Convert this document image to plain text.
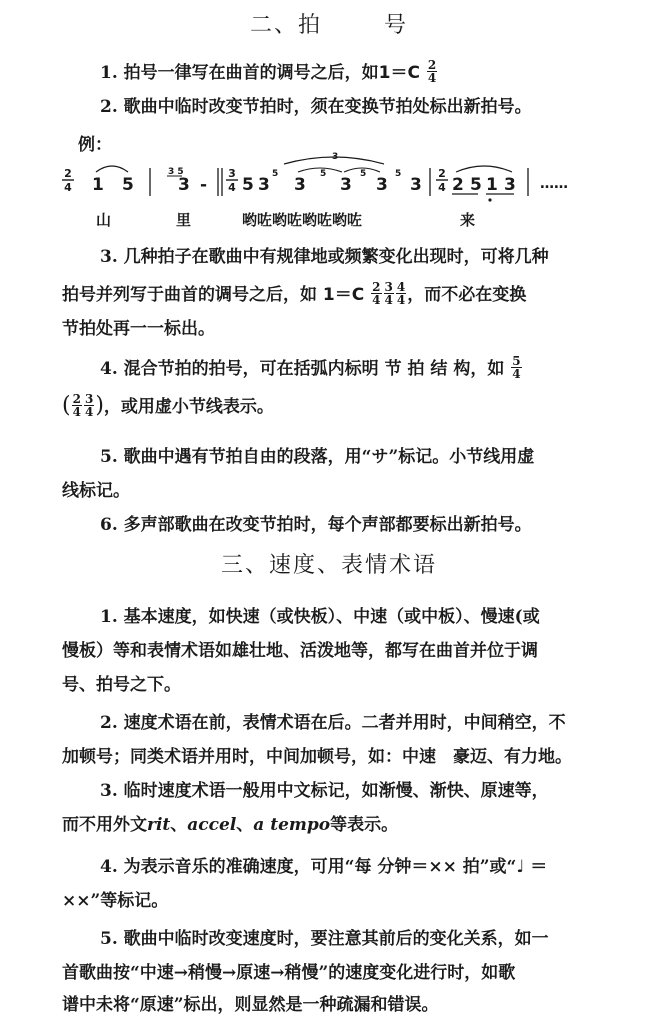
二、拍	号
1. 拍号一律写在曲首的调号之后，如$1=C \frac{2}{4}$
2. 歌曲中临时改变节拍时，须在变换节拍处标出新拍号。
例：
2
4 1 5
3 5
3 -
3
4 5 3
5
3
5
3
5
3
5
3
3
2
4 2 5 1 3 ……
山	里	哟咗哟咗哟咗哟咗	来
3. 几种拍子在歌曲中有规律地或频繁变化出现时，可将几种
拍号并列写于曲首的调号之后，如 $1=C \frac{2}{4} \frac{3}{4} \frac{4}{4}$ ，而不必在变换
节拍处再一一标出。
4. 混合节拍的拍号，可在括弧内标明 节 拍 结 构，如 $\frac{5}{4}$
( $\frac{2}{4} \frac{3}{4}$ )，或用虚小节线表示。
5. 歌曲中遇有节拍自由的段落，用“サ”标记。小节线用虚
线标记。
6. 多声部歌曲在改变节拍时，每个声部都要标出新拍号。
三、速度、表情术语
1. 基本速度，如快速（或快板）、中速（或中板）、慢速(或
慢板）等和表情术语如雄壮地、活泼地等，都写在曲首并位于调
号、拍号之下。
2. 速度术语在前，表情术语在后。二者并用时，中间稍空，不
加顿号；同类术语并用时，中间加顿号，如：中速　豪迈、有力地。
3. 临时速度术语一般用中文标记，如渐慢、渐快、原速等，
而不用外文rit、accel、a tempo等表示。
4. 为表示音乐的准确速度，可用“每 分钟＝×× 拍”或“♩ ＝
××”等标记。
5. 歌曲中临时改变速度时，要注意其前后的变化关系，如一
首歌曲按“中速→稍慢→原速→稍慢”的速度变化进行时，如歌
谱中未将“原速”标出，则显然是一种疏漏和错误。
